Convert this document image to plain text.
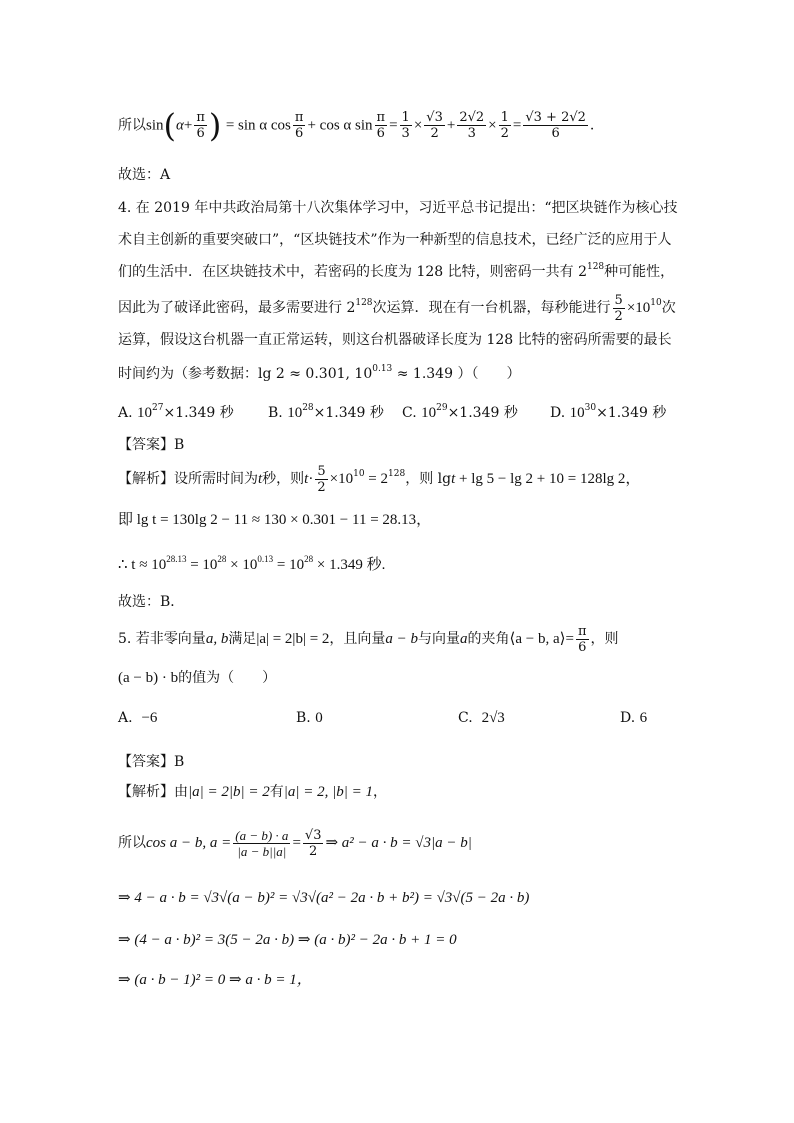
所以$\sin(\alpha+ \frac{\pi}{6}$ ) = sin α $\cos \frac{\pi}{6} + \cos \alpha$ $\sin \frac{\pi}{6} = \frac{1}{3} \times \frac{√3}{2} + \frac{2√2}{3} \times \frac{1}{2} = \frac{√3 + 2√2}{6}$ .
故选：A
4. 在 2019 年中共政治局第十八次集体学习中，习近平总书记提出：“把区块链作为核心技
术自主创新的重要突破口”，“区块链技术”作为一种新型的信息技术，已经广泛的应用于人
们的生活中．在区块链技术中，若密码的长度为 128 比特，则密码一共有 $2^{128}$种可能性，
因此为了破译此密码，最多需要进行 $2^{128}$次运算．现在有一台机器，每秒能进行 $\frac{5}{2} \times 10^{10}$次
运算，假设这台机器一直正常运转，则这台机器破译长度为 128 比特的密码所需要的最长
时间约为（参考数据：lg 2 ≈ 0.301, $10^{0.13} \approx 1.349$ ）（　　）
A. $10^{27}\times 1.349$ 秒 B. $10^{28}\times 1.349$ 秒 C. $10^{29}\times 1.349$ 秒 D. $10^{30}\times 1.349$ 秒
【答案】B
【解析】设所需时间为t秒，则$t\cdot \frac{5}{2} \times 10^{10} = 2^{128}$，则 lgt + lg 5 − lg 2 + 10 = 128lg 2，
即 lg t = 130lg 2 − 11 ≈ 130 × 0.301 − 11 = 28.13，
∴ $t \approx 10^{28.13} = 10^{28} \times 10^{0.13} = 10^{28} \times 1.349$ 秒.
故选：B．
5. 若非零向量a, b满足|a| = 2|b| = 2，且向量a − b与向量a的夹角⟨a − b, a⟩= $\frac{\pi}{6}$ ，则
(a − b) · b的值为（　　）
A. −6	B. 0	C. 2√3	D. 6
【答案】B
【解析】由|a| = 2|b| = 2有|a| = 2, |b| = 1，
所以cos a − b, $a = \frac{(a - b) \cdot a}{|a - b||a|} = \frac{√3}{2}$ ⇒ a² − a · b = √3|a − b|
⇒ 4 − a · b = √3√(a − b)² = √3√(a² − 2a · b + b²) = √3√(5 − 2a · b)
⇒ (4 − a · b)² = 3(5 − 2a · b) ⇒ (a · b)² − 2a · b + 1 = 0
⇒ (a · b − 1)² = 0 ⇒ a · b = 1，
